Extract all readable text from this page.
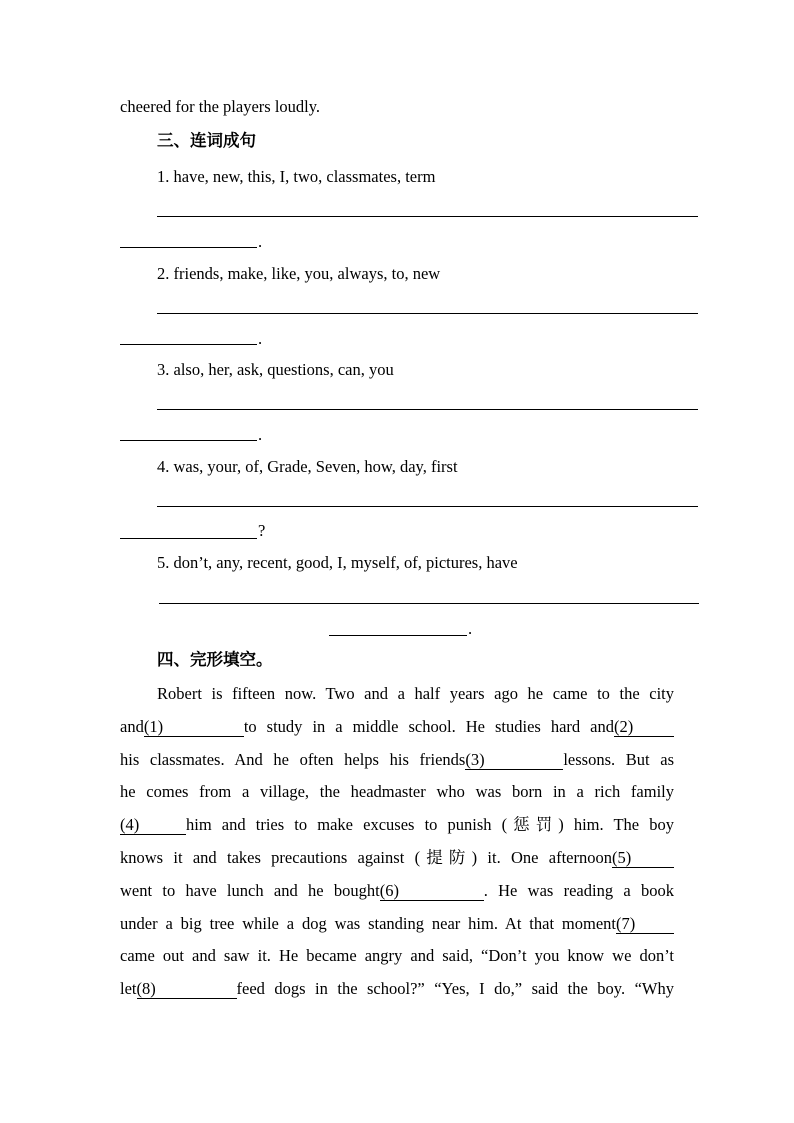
cheered for the players loudly.
三、连词成句
1. have, new, this, I, two, classmates, term
.
2. friends, make, like, you, always, to, new
.
3. also, her, ask, questions, can, you
.
4. was, your, of, Grade, Seven, how, day, first
?
5. don’t, any, recent, good, I, myself, of, pictures, have
.
四、完形填空。
Robert is fifteen now. Two and a half years ago he came to the city
and(1)	to study in a middle school. He studies hard and(2)
his classmates. And he often helps his friends(3)	lessons. But as
he comes from a village, the headmaster who was born in a rich family
(4)	him and tries to make excuses to punish (惩罚) him. The boy
knows it and takes precautions against (提防) it. One afternoon(5)
went to have lunch and he bought(6)	. He was reading a book
under a big tree while a dog was standing near him. At that moment(7)
came out and saw it. He became angry and said, “Don’t you know we don’t
let(8)	feed dogs in the school?” “Yes, I do,” said the boy. “Why
